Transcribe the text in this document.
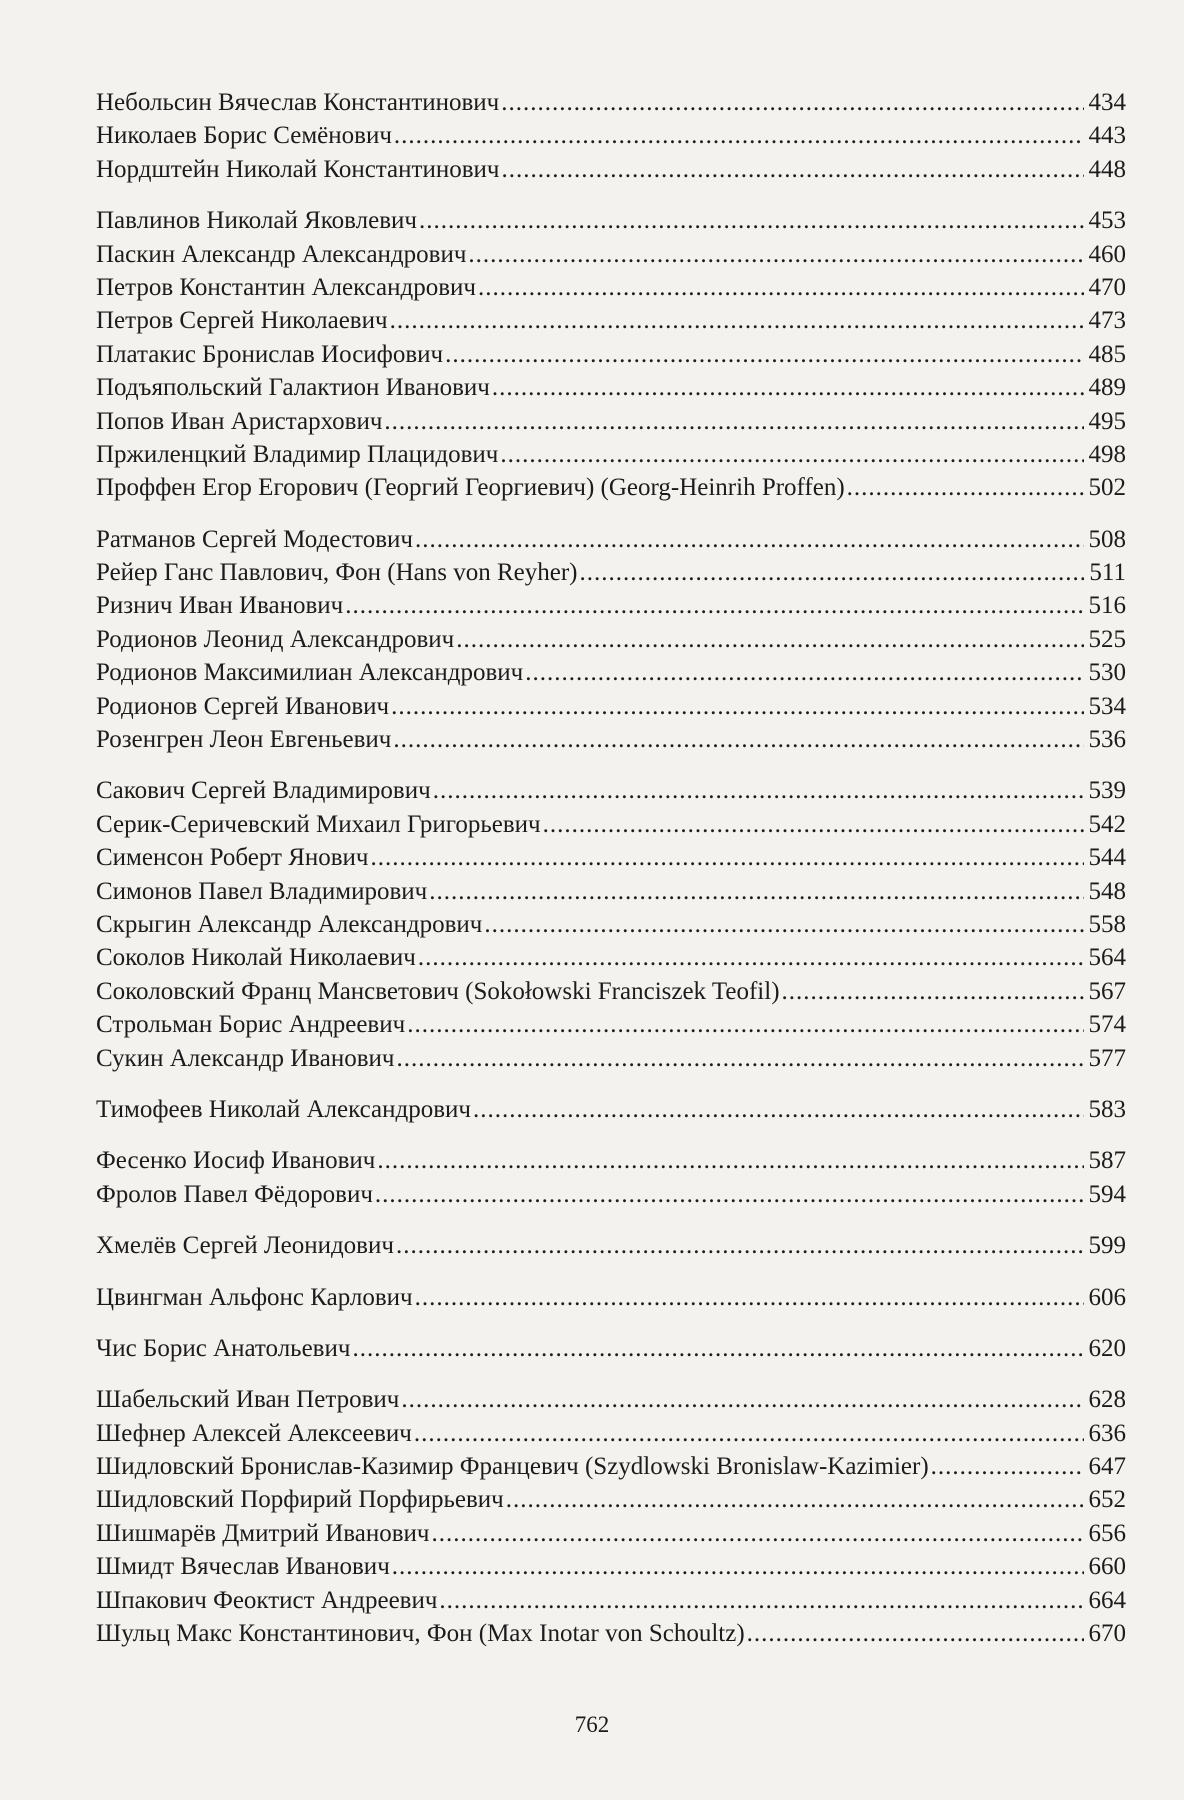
Небольсин Вячеслав Константинович .....	434
Николаев Борис Семёнович .....	443
Нордштейн Николай Константинович .....	448
Павлинов Николай Яковлевич .....	453
Паскин Александр Александрович .....	460
Петров Константин Александрович .....	470
Петров Сергей Николаевич .....	473
Платакис Бронислав Иосифович .....	485
Подъяпольский Галактион Иванович .....	489
Попов Иван Аристархович .....	495
Пржиленцкий Владимир Плацидович .....	498
Проффен Егор Егорович (Георгий Георгиевич) (Georg-Heinrih Proffen) .....	502
Ратманов Сергей Модестович .....	508
Рейер Ганс Павлович, Фон (Hans von Reyher) .....	511
Ризнич Иван Иванович .....	516
Родионов Леонид Александрович .....	525
Родионов Максимилиан Александрович .....	530
Родионов Сергей Иванович .....	534
Розенгрен Леон Евгеньевич .....	536
Сакович Сергей Владимирович .....	539
Серик-Серичевский Михаил Григорьевич .....	542
Сименсон Роберт Янович .....	544
Симонов Павел Владимирович .....	548
Скрыгин Александр Александрович .....	558
Соколов Николай Николаевич .....	564
Соколовский Франц Мансветович (Sokołowski Franciszek Teofil) .....	567
Строльман Борис Андреевич .....	574
Сукин Александр Иванович .....	577
Тимофеев Николай Александрович .....	583
Фесенко Иосиф Иванович .....	587
Фролов Павел Фёдорович .....	594
Хмелёв Сергей Леонидович .....	599
Цвингман Альфонс Карлович .....	606
Чис Борис Анатольевич .....	620
Шабельский Иван Петрович .....	628
Шефнер Алексей Алексеевич .....	636
Шидловский Бронислав-Казимир Францевич (Szydlowski Bronislaw-Kazimier) .....	647
Шидловский Порфирий Порфирьевич .....	652
Шишмарёв Дмитрий Иванович .....	656
Шмидт Вячеслав Иванович .....	660
Шпакович Феоктист Андреевич .....	664
Шульц Макс Константинович, Фон (Max Inotar von Schoultz) .....	670
762
